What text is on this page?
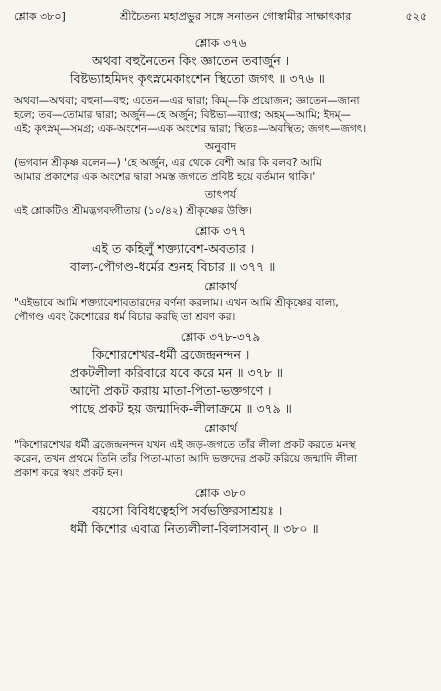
শ্লোক ৩৮০]	শ্রীচৈতন্য মহাপ্রভুর সঙ্গে সনাতন গোস্বামীর সাক্ষাৎকার	৫২৫
শ্লোক ৩৭৬
অথবা বহুনৈতেন কিং জ্ঞাতেন তবার্জুন ।
বিষ্টভ্যাহমিদং কৃৎস্নমেকাংশেন স্থিতো জগৎ ॥ ৩৭৬ ॥
অথবা—অথবা; বহুনা—বহু; এতেন—এর দ্বারা; কিম্—কি প্রয়োজন; জ্ঞাতেন—জানা
হলে; তব—তোমার দ্বারা; অর্জুন—হে অর্জুন; বিষ্টভ্য—ব্যাপ্ত; অহম্—আমি; ইদম্—
এই; কৃৎস্নম্—সমগ্র; এক-অংশেন—এক অংশের দ্বারা; স্থিতঃ—অবস্থিত; জগৎ—জগৎ।
অনুবাদ
(ভগবান শ্রীকৃষ্ণ বলেন—) 'হে অর্জুন, এর থেকে বেশী আর কি বলব? আমি
আমার প্রকাশের এক অংশের দ্বারা সমস্ত জগতে প্রবিষ্ট হয়ে বর্তমান থাকি।'
তাৎপর্য
এই শ্লোকটিও শ্রীমদ্ভগবদ্গীতায় (১০/৪২) শ্রীকৃষ্ণের উক্তি।
শ্লোক ৩৭৭
এই ত কহিলুঁ শক্ত্যাবেশ-অবতার ।
বাল্য-পৌগণ্ড-ধর্মের শুনহ বিচার ॥ ৩৭৭ ॥
শ্লোকার্থ
"এইভাবে আমি শক্ত্যাবেশাবতারদের বর্ণনা করলাম। এখন আমি শ্রীকৃষ্ণের বাল্য,
পৌগণ্ড এবং কৈশোরের ধর্ম বিচার করছি তা শ্রবণ কর।
শ্লোক ৩৭৮-৩৭৯
কিশোরশেখর-ধর্মী ব্রজেন্দ্রনন্দন ।
প্রকটলীলা করিবারে যবে করে মন ॥ ৩৭৮ ॥
আদৌ প্রকট করায় মাতা-পিতা-ভক্তগণে ।
পাছে প্রকট হয় জন্মাদিক-লীলাক্রমে ॥ ৩৭৯ ॥
শ্লোকার্থ
"কিশোরশেখর ধর্মী ব্রজেন্দ্রনন্দন যখন এই জড়-জগতে তাঁর লীলা প্রকট করতে মনস্থ
করেন, তখন প্রথমে তিনি তাঁর পিতা-মাতা আদি ভক্তদের প্রকট করিয়ে জন্মাদি লীলা
প্রকাশ করে স্বয়ং প্রকট হন।
শ্লোক ৩৮০
বয়সো বিবিধত্বেহপি সর্বভক্তিরসাশ্রয়ঃ ।
ধর্মী কিশোর এবাত্র নিত্যলীলা-বিলাসবান্ ॥ ৩৮০ ॥
